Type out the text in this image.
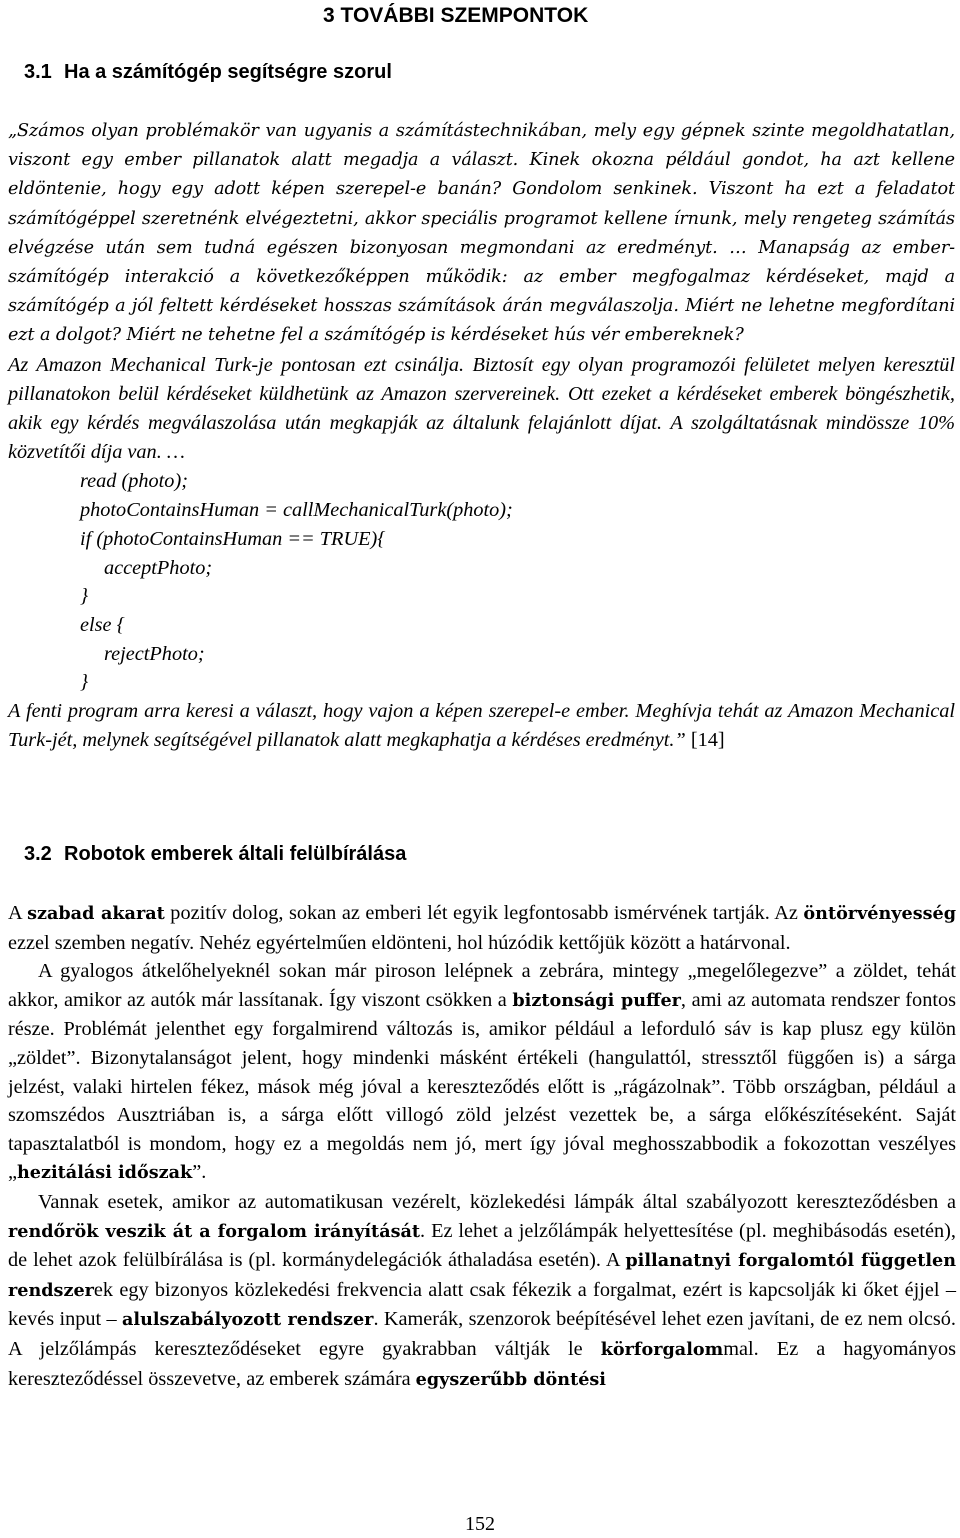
3 TOVÁBBI SZEMPONTOK
3.1 Ha a számítógép segítségre szorul

„Számos olyan problémakör van ugyanis a számítástechnikában, mely egy gépnek szinte megoldhatatlan, viszont egy ember pillanatok alatt megadja a választ. Kinek okozna például gondot, ha azt kellene eldöntenie, hogy egy adott képen szerepel-e banán? Gondolom senkinek. Viszont ha ezt a feladatot számítógéppel szeretnénk elvégeztetni, akkor speciális programot kellene írnunk, mely rengeteg számítás elvégzése után sem tudná egészen bizonyosan megmondani az eredményt. … Manapság az ember-számítógép interakció a következőképpen működik: az ember megfogalmaz kérdéseket, majd a számítógép a jól feltett kérdéseket hosszas számítások árán megválaszolja. Miért ne lehetne megfordítani ezt a dolgot? Miért ne tehetne fel a számítógép is kérdéseket hús vér embereknek?

Az Amazon Mechanical Turk-je pontosan ezt csinálja. Biztosít egy olyan programozói felületet melyen keresztül pillanatokon belül kérdéseket küldhetünk az Amazon szervereinek. Ott ezeket a kérdéseket emberek böngészhetik, akik egy kérdés megválaszolása után megkapják az általunk felajánlott díjat. A szolgáltatásnak mindössze 10% közvetítői díja van. …

read (photo);
photoContainsHuman = callMechanicalTurk(photo);
if (photoContainsHuman == TRUE){
acceptPhoto;
}
else {
rejectPhoto;
}

A fenti program arra keresi a választ, hogy vajon a képen szerepel-e ember. Meghívja tehát az Amazon Mechanical Turk-jét, melynek segítségével pillanatok alatt megkaphatja a kérdéses eredményt.” [14]

3.2 Robotok emberek általi felülbírálása

A szabad akarat pozitív dolog, sokan az emberi lét egyik legfontosabb ismérvének tartják. Az öntörvényesség ezzel szemben negatív. Nehéz egyértelműen eldönteni, hol húzódik kettőjük között a határvonal.

A gyalogos átkelőhelyeknél sokan már piroson lelépnek a zebrára, mintegy „megelőlegezve” a zöldet, tehát akkor, amikor az autók már lassítanak. Így viszont csökken a biztonsági puffer, ami az automata rendszer fontos része. Problémát jelenthet egy forgalmirend változás is, amikor például a leforduló sáv is kap plusz egy külön „zöldet”. Bizonytalanságot jelent, hogy mindenki másként értékeli (hangulattól, stressztől függően is) a sárga jelzést, valaki hirtelen fékez, mások még jóval a kereszteződés előtt is „rágázolnak”. Több országban, például a szomszédos Ausztriában is, a sárga előtt villogó zöld jelzést vezettek be, a sárga előkészítéseként. Saját tapasztalatból is mondom, hogy ez a megoldás nem jó, mert így jóval meghosszabbodik a fokozottan veszélyes „hezitálási időszak”.

Vannak esetek, amikor az automatikusan vezérelt, közlekedési lámpák által szabályozott kereszteződésben a rendőrök veszik át a forgalom irányítását. Ez lehet a jelzőlámpák helyettesítése (pl. meghibásodás esetén), de lehet azok felülbírálása is (pl. kormánydelegációk áthaladása esetén). A pillanatnyi forgalomtól független rendszerek egy bizonyos közlekedési frekvencia alatt csak fékezik a forgalmat, ezért is kapcsolják ki őket éjjel – kevés input – alulszabályozott rendszer. Kamerák, szenzorok beépítésével lehet ezen javítani, de ez nem olcsó. A jelzőlámpás kereszteződéseket egyre gyakrabban váltják le körforgalommal. Ez a hagyományos kereszteződéssel összevetve, az emberek számára egyszerűbb döntési

152
